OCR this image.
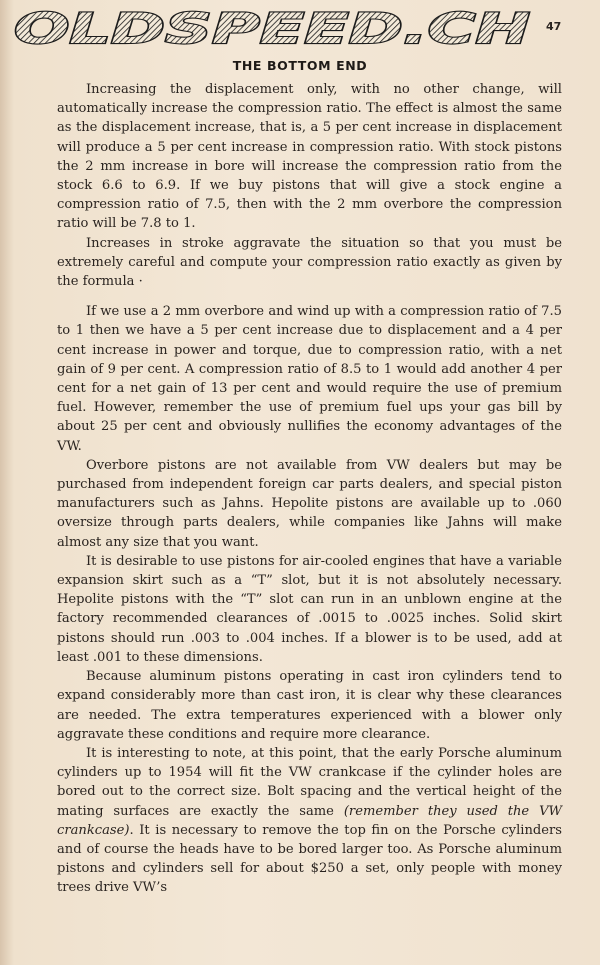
OLDSPEED.CH 47
THE BOTTOM END

Increasing the displacement only, with no other change, will automatically increase the compression ratio. The effect is almost the same as the displacement increase, that is, a 5 per cent increase in displacement will produce a 5 per cent increase in compression ratio. With stock pistons the 2 mm increase in bore will increase the compression ratio from the stock 6.6 to 6.9. If we buy pistons that will give a stock engine a compression ratio of 7.5, then with the 2 mm overbore the compression ratio will be 7.8 to 1.

Increases in stroke aggravate the situation so that you must be extremely careful and compute your compression ratio exactly as given by the formula ·

If we use a 2 mm overbore and wind up with a compression ratio of 7.5 to 1 then we have a 5 per cent increase due to displacement and a 4 per cent increase in power and torque, due to compression ratio, with a net gain of 9 per cent. A compression ratio of 8.5 to 1 would add another 4 per cent for a net gain of 13 per cent and would require the use of premium fuel. However, remember the use of premium fuel ups your gas bill by about 25 per cent and obviously nullifies the economy advantages of the VW.

Overbore pistons are not available from VW dealers but may be purchased from independent foreign car parts dealers, and special piston manufacturers such as Jahns. Hepolite pistons are available up to .060 oversize through parts dealers, while companies like Jahns will make almost any size that you want.

It is desirable to use pistons for air-cooled engines that have a variable expansion skirt such as a “T” slot, but it is not absolutely necessary. Hepolite pistons with the “T” slot can run in an unblown engine at the factory recommended clearances of .0015 to .0025 inches. Solid skirt pistons should run .003 to .004 inches. If a blower is to be used, add at least .001 to these dimensions.

Because aluminum pistons operating in cast iron cylinders tend to expand considerably more than cast iron, it is clear why these clearances are needed. The extra temperatures experienced with a blower only aggravate these conditions and require more clearance.

It is interesting to note, at this point, that the early Porsche aluminum cylinders up to 1954 will fit the VW crankcase if the cylinder holes are bored out to the correct size. Bolt spacing and the vertical height of the mating surfaces are exactly the same (remember they used the VW crankcase). It is necessary to remove the top fin on the Porsche cylinders and of course the heads have to be bored larger too. As Porsche aluminum pistons and cylinders sell for about $250 a set, only people with money trees drive VW’s
